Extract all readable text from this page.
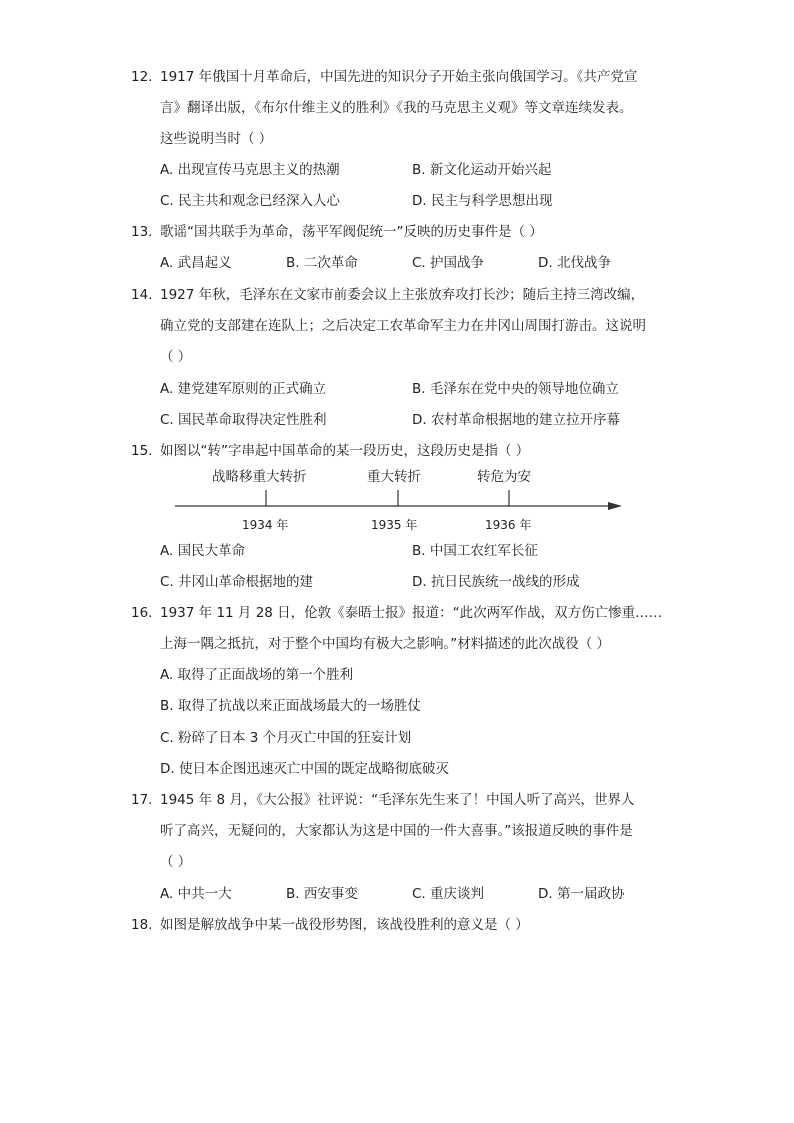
12. 1917 年俄国十月革命后，中国先进的知识分子开始主张向俄国学习。《共产党宣
言》翻译出版，《布尔什维主义的胜利》《我的马克思主义观》等文章连续发表。
这些说明当时（ ）
A. 出现宣传马克思主义的热潮	B. 新文化运动开始兴起
C. 民主共和观念已经深入人心	D. 民主与科学思想出现
13. 歌谣“国共联手为革命，荡平军阀促统一”反映的历史事件是（ ）
A. 武昌起义	B. 二次革命	C. 护国战争	D. 北伐战争
14. 1927 年秋，毛泽东在文家市前委会议上主张放弃攻打长沙；随后主持三湾改编，
确立党的支部建在连队上；之后决定工农革命军主力在井冈山周围打游击。这说明
（ ）
A. 建党建军原则的正式确立	B. 毛泽东在党中央的领导地位确立
C. 国民革命取得决定性胜利	D. 农村革命根据地的建立拉开序幕
15. 如图以“转”字串起中国革命的某一段历史，这段历史是指（ ）
战略移重大转折	重大转折	转危为安
1934 年	1935 年	1936 年
A. 国民大革命	B. 中国工农红军长征
C. 井冈山革命根据地的建	D. 抗日民族统一战线的形成
16. 1937 年 11 月 28 日，伦敦《泰晤士报》报道：“此次两军作战，双方伤亡惨重……
上海一隅之抵抗，对于整个中国均有极大之影响。”材料描述的此次战役（ ）
A. 取得了正面战场的第一个胜利
B. 取得了抗战以来正面战场最大的一场胜仗
C. 粉碎了日本 3 个月灭亡中国的狂妄计划
D. 使日本企图迅速灭亡中国的既定战略彻底破灭
17. 1945 年 8 月，《大公报》社评说：“毛泽东先生来了！中国人听了高兴，世界人
听了高兴，无疑问的，大家都认为这是中国的一件大喜事。”该报道反映的事件是
（ ）
A. 中共一大	B. 西安事变	C. 重庆谈判	D. 第一届政协
18. 如图是解放战争中某一战役形势图，该战役胜利的意义是（ ）
